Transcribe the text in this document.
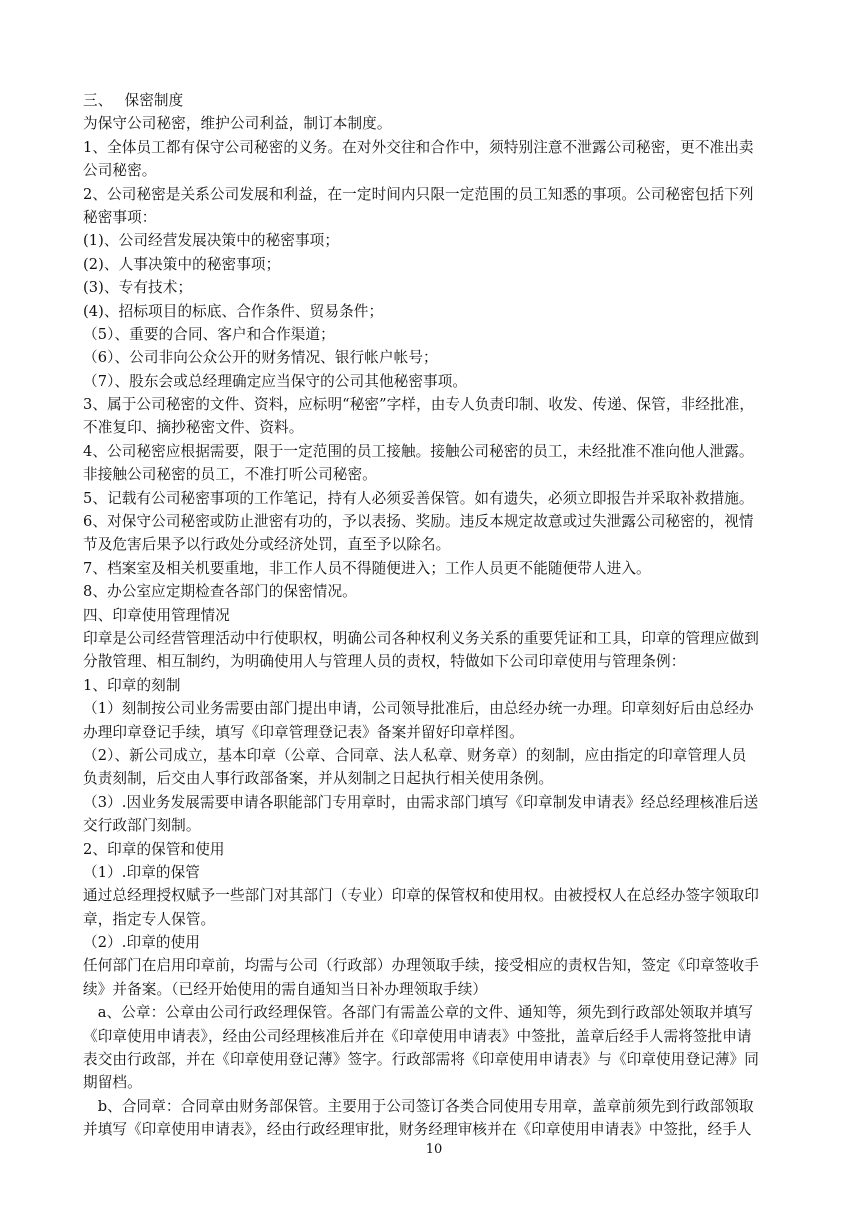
三、　 保密制度
为保守公司秘密，维护公司利益，制订本制度。
1、全体员工都有保守公司秘密的义务。在对外交往和合作中，须特别注意不泄露公司秘密，更不准出卖
公司秘密。
2、公司秘密是关系公司发展和利益，在一定时间内只限一定范围的员工知悉的事项。公司秘密包括下列
秘密事项：
(1)、公司经营发展决策中的秘密事项；
(2)、人事决策中的秘密事项；
(3)、专有技术；
(4)、招标项目的标底、合作条件、贸易条件；
（5）、重要的合同、客户和合作渠道；
（6）、公司非向公众公开的财务情况、银行帐户帐号；
（7）、股东会或总经理确定应当保守的公司其他秘密事项。
3、属于公司秘密的文件、资料，应标明“秘密”字样，由专人负责印制、收发、传递、保管，非经批准，
不准复印、摘抄秘密文件、资料。
4、公司秘密应根据需要，限于一定范围的员工接触。接触公司秘密的员工，未经批准不准向他人泄露。
非接触公司秘密的员工，不准打听公司秘密。
5、记载有公司秘密事项的工作笔记，持有人必须妥善保管。如有遗失，必须立即报告并采取补救措施。
6、对保守公司秘密或防止泄密有功的，予以表扬、奖励。违反本规定故意或过失泄露公司秘密的，视情
节及危害后果予以行政处分或经济处罚，直至予以除名。
7、档案室及相关机要重地，非工作人员不得随便进入；工作人员更不能随便带人进入。
8、办公室应定期检查各部门的保密情况。
四、印章使用管理情况
印章是公司经营管理活动中行使职权，明确公司各种权利义务关系的重要凭证和工具，印章的管理应做到
分散管理、相互制约，为明确使用人与管理人员的责权，特做如下公司印章使用与管理条例：
1、印章的刻制
（1）刻制按公司业务需要由部门提出申请，公司领导批准后，由总经办统一办理。印章刻好后由总经办
办理印章登记手续，填写《印章管理登记表》备案并留好印章样图。
（2）、新公司成立，基本印章（公章、合同章、法人私章、财务章）的刻制，应由指定的印章管理人员
负责刻制，后交由人事行政部备案，并从刻制之日起执行相关使用条例。
（3）.因业务发展需要申请各职能部门专用章时，由需求部门填写《印章制发申请表》经总经理核准后送
交行政部门刻制。
2、印章的保管和使用
（1）.印章的保管
通过总经理授权赋予一些部门对其部门（专业）印章的保管权和使用权。由被授权人在总经办签字领取印
章，指定专人保管。
（2）.印章的使用
任何部门在启用印章前，均需与公司（行政部）办理领取手续，接受相应的责权告知，签定《印章签收手
续》并备案。（已经开始使用的需自通知当日补办理领取手续）
　a、公章：公章由公司行政经理保管。各部门有需盖公章的文件、通知等，须先到行政部处领取并填写
《印章使用申请表》，经由公司经理核准后并在《印章使用申请表》中签批，盖章后经手人需将签批申请
表交由行政部，并在《印章使用登记薄》签字。行政部需将《印章使用申请表》与《印章使用登记薄》同
期留档。
　b、合同章：合同章由财务部保管。主要用于公司签订各类合同使用专用章，盖章前须先到行政部领取
并填写《印章使用申请表》，经由行政经理审批，财务经理审核并在《印章使用申请表》中签批，经手人
10
